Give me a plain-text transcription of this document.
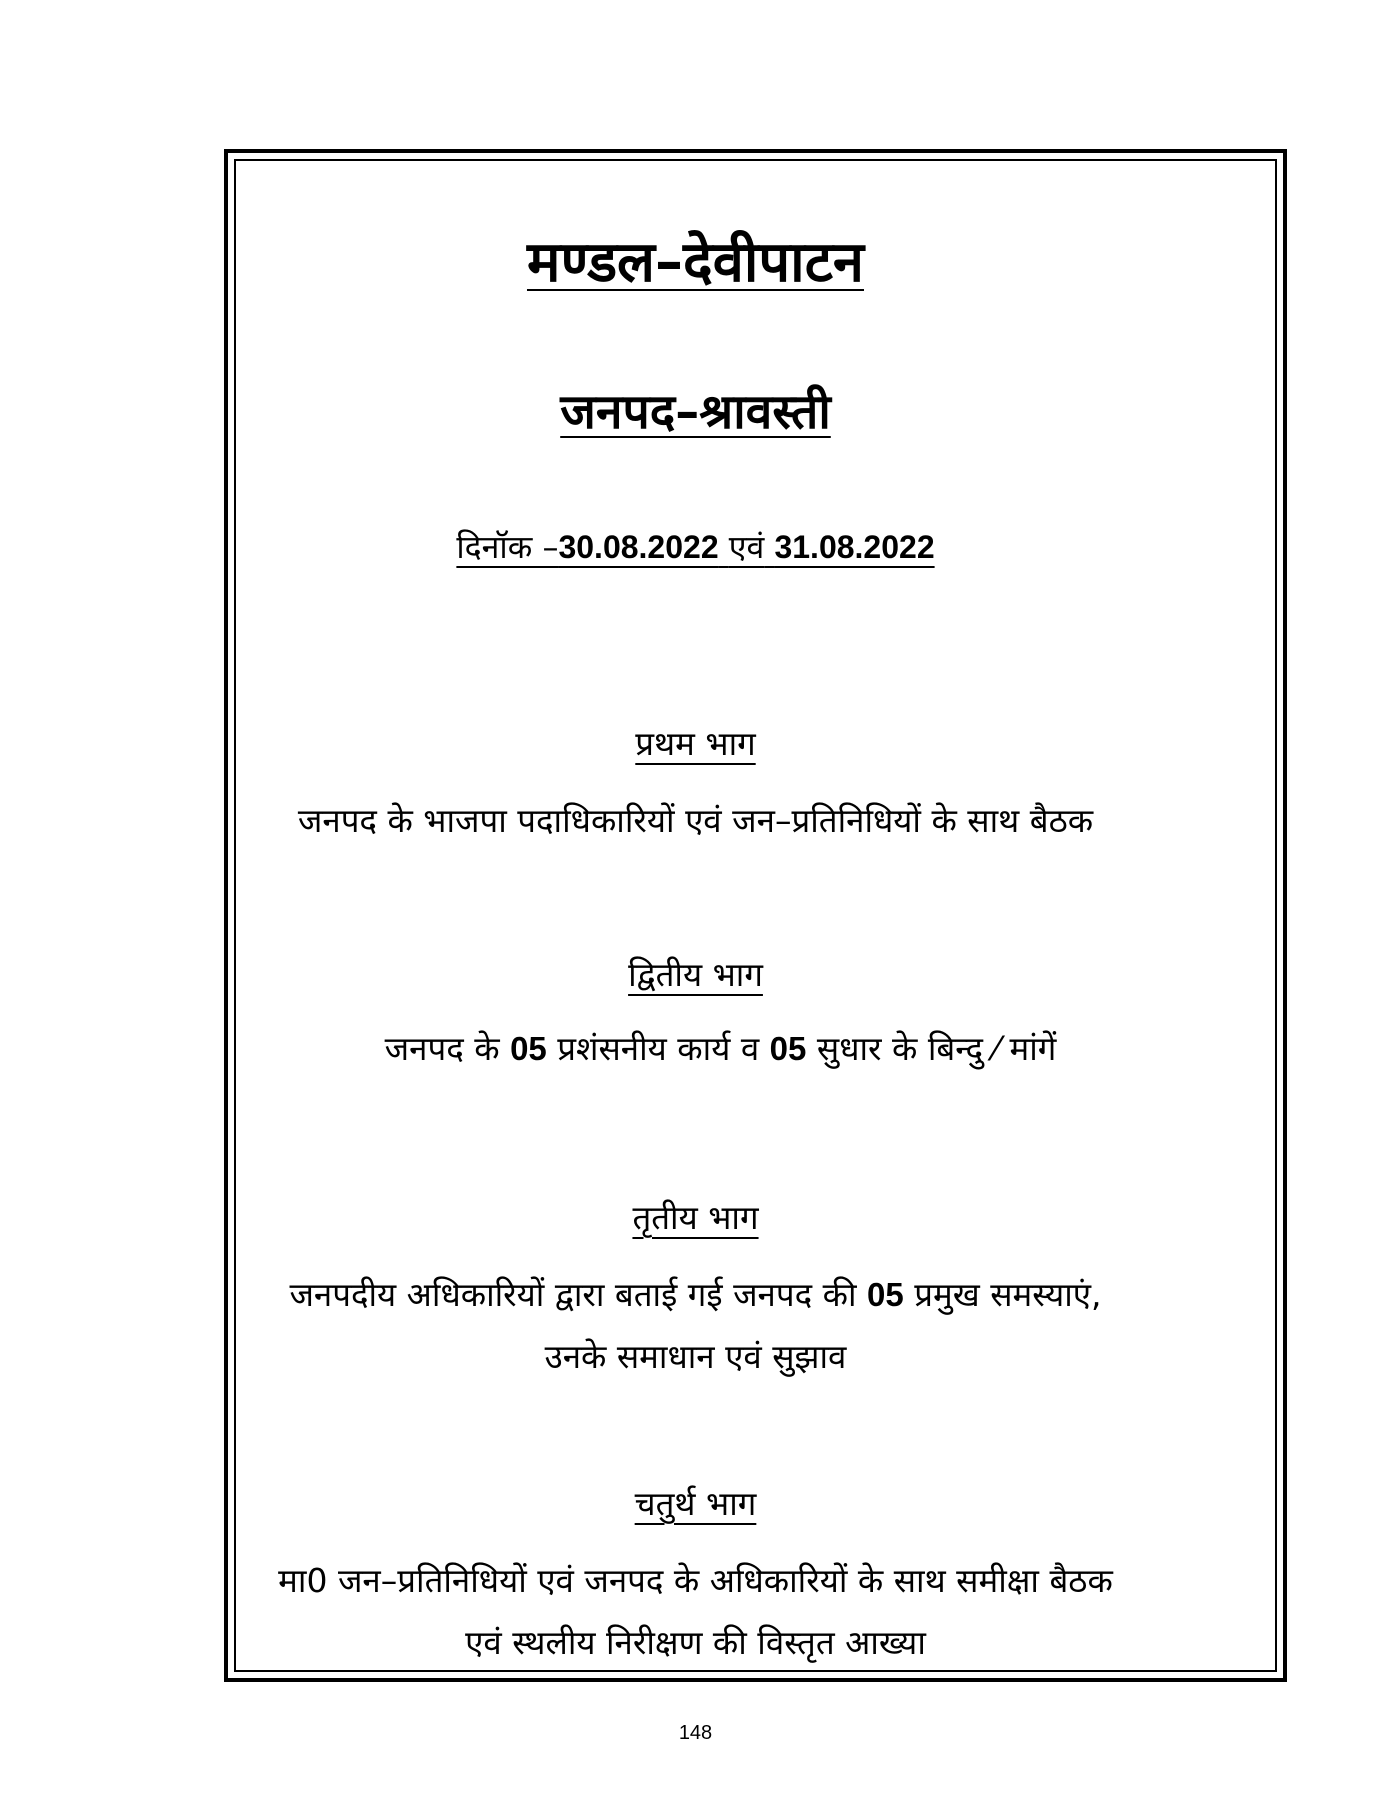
मण्डल–देवीपाटन
जनपद–श्रावस्ती
दिनॉक –30.08.2022 एवं 31.08.2022
प्रथम भाग
जनपद के भाजपा पदाधिकारियों एवं जन–प्रतिनिधियों के साथ बैठक
द्वितीय भाग
जनपद के 05 प्रशंसनीय कार्य व 05 सुधार के बिन्दु ⁄ मांगें
तृतीय भाग
जनपदीय अधिकारियों द्वारा बताई गई जनपद की 05 प्रमुख समस्याएं,
उनके समाधान एवं सुझाव
चतुर्थ भाग
मा0 जन–प्रतिनिधियों एवं जनपद के अधिकारियों के साथ समीक्षा बैठक
एवं स्थलीय निरीक्षण की विस्तृत आख्या
148
